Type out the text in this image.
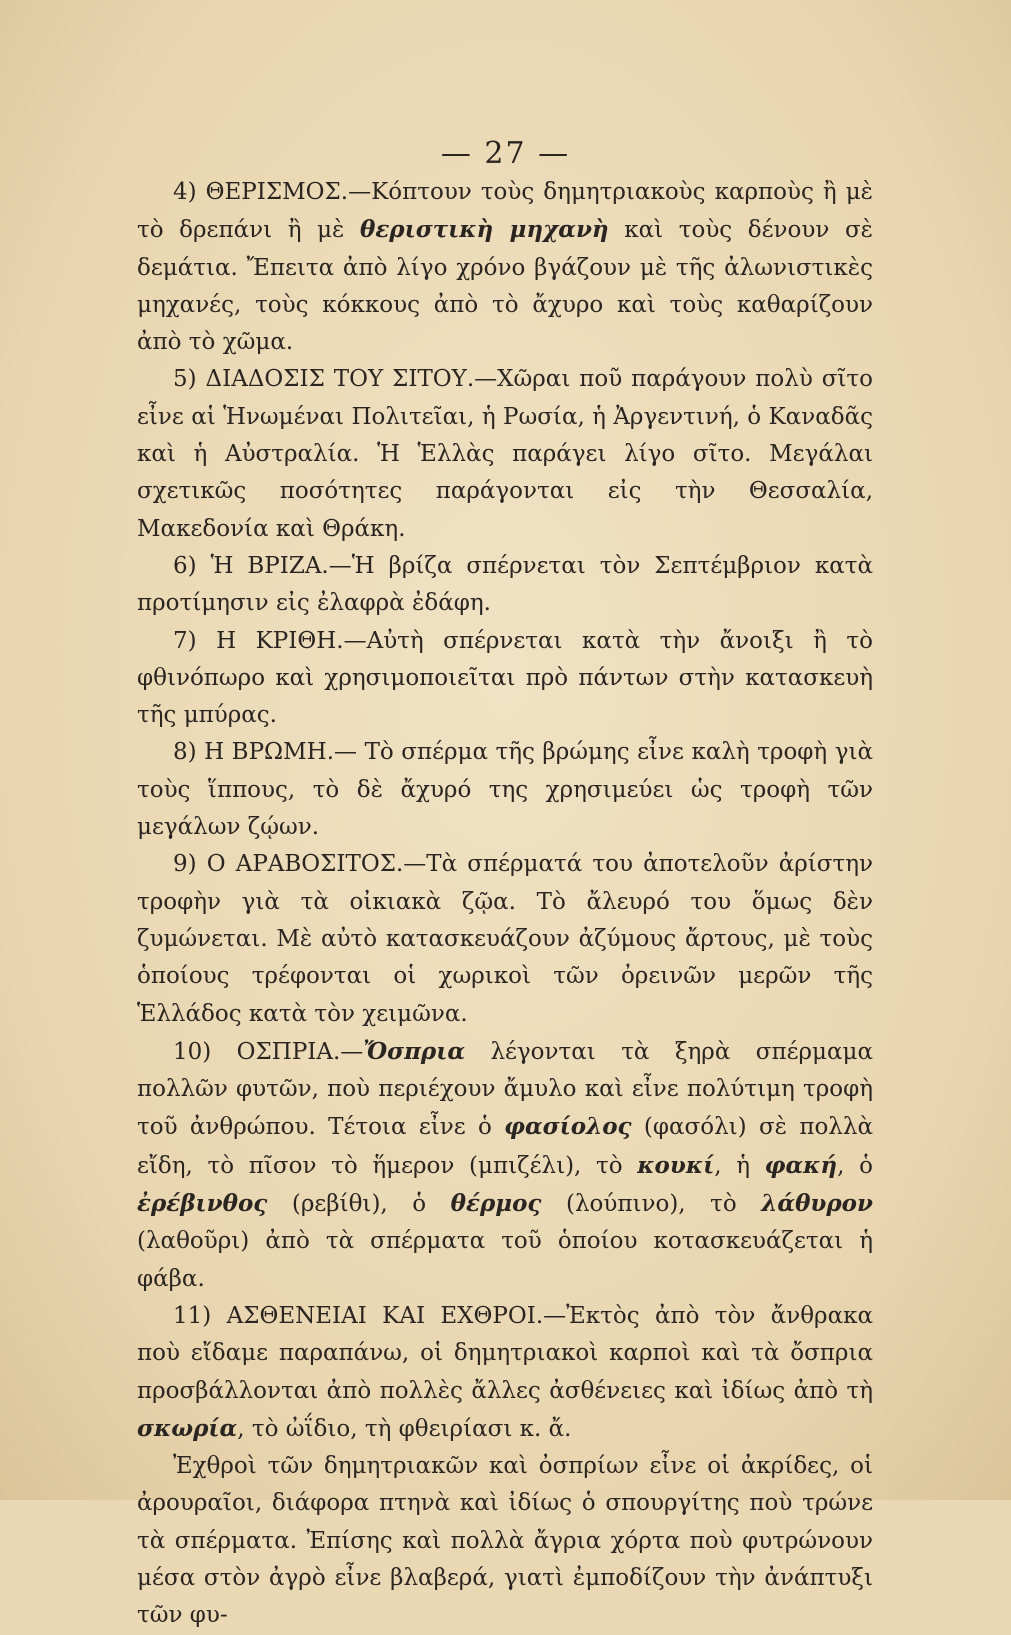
— 27 —

4) ΘΕΡΙΣΜΟΣ.—Κόπτουν τοὺς δημητριακοὺς καρποὺς ἢ μὲ τὸ δρεπάνι ἢ μὲ θεριστικὴ μηχανὴ καὶ τοὺς δένουν σὲ δεμάτια. Ἔπειτα ἀπὸ λίγο χρόνο βγάζουν μὲ τῆς ἀλωνιστικὲς μηχανές, τοὺς κόκκους ἀπὸ τὸ ἄχυρο καὶ τοὺς καθαρίζουν ἀπὸ τὸ χῶμα.

5) ΔΙΑΔΟΣΙΣ ΤΟΥ ΣΙΤΟΥ.—Χῶραι ποῦ παράγουν πολὺ σῖτο εἶνε αἱ Ἡνωμέναι Πολιτεῖαι, ἡ Ρωσία, ἡ Ἀργεντινή, ὁ Καναδᾶς καὶ ἡ Αὐστραλία. Ἡ Ἑλλὰς παράγει λίγο σῖτο. Μεγάλαι σχετικῶς ποσότητες παράγονται εἰς τὴν Θεσσαλία, Μακεδονία καὶ Θράκη.

6) Ἡ ΒΡΙΖΑ.—Ἡ βρίζα σπέρνεται τὸν Σεπτέμβριον κατὰ προτίμησιν εἰς ἐλαφρὰ ἐδάφη.

7) Η ΚΡΙΘΗ.—Αὐτὴ σπέρνεται κατὰ τὴν ἄνοιξι ἢ τὸ φθινόπωρο καὶ χρησιμοποιεῖται πρὸ πάντων στὴν κατασκευὴ τῆς μπύρας.

8) Η ΒΡΩΜΗ.— Τὸ σπέρμα τῆς βρώμης εἶνε καλὴ τροφὴ γιὰ τοὺς ἵππους, τὸ δὲ ἄχυρό της χρησιμεύει ὡς τροφὴ τῶν μεγάλων ζῴων.

9) Ο ΑΡΑΒΟΣΙΤΟΣ.—Τὰ σπέρματά του ἀποτελοῦν ἀρίστην τροφὴν γιὰ τὰ οἰκιακὰ ζῷα. Τὸ ἄλευρό του ὅμως δὲν ζυμώνεται. Μὲ αὐτὸ κατασκευάζουν ἀζύμους ἄρτους, μὲ τοὺς ὁποίους τρέφονται οἱ χωρικοὶ τῶν ὀρεινῶν μερῶν τῆς Ἑλλάδος κατὰ τὸν χειμῶνα.

10) ΟΣΠΡΙΑ.—Ὄσπρια λέγονται τὰ ξηρὰ σπέρμαμα πολλῶν φυτῶν, ποὺ περιέχουν ἄμυλο καὶ εἶνε πολύτιμη τροφὴ τοῦ ἀνθρώπου. Τέτοια εἶνε ὁ φασίολος (φασόλι) σὲ πολλὰ εἴδη, τὸ πῖσον τὸ ἥμερον (μπιζέλι), τὸ κουκί, ἡ φακή, ὁ ἐρέβινθος (ρεβίθι), ὁ θέρμος (λούπινο), τὸ λάθυρον (λαθοῦρι) ἀπὸ τὰ σπέρματα τοῦ ὁποίου κοτασκευάζεται ἡ φάβα.

11) ΑΣΘΕΝΕΙΑΙ ΚΑΙ ΕΧΘΡΟΙ.—Ἐκτὸς ἀπὸ τὸν ἄνθρακα ποὺ εἴδαμε παραπάνω, οἱ δημητριακοὶ καρποὶ καὶ τὰ ὄσπρια προσβάλλονται ἀπὸ πολλὲς ἄλλες ἀσθένειες καὶ ἰδίως ἀπὸ τὴ σκωρία, τὸ ὠΐδιο, τὴ φθειρίασι κ. ἄ.

Ἐχθροὶ τῶν δημητριακῶν καὶ ὀσπρίων εἶνε οἱ ἀκρίδες, οἱ ἀρουραῖοι, διάφορα πτηνὰ καὶ ἰδίως ὁ σπουργίτης ποὺ τρώνε τὰ σπέρματα. Ἐπίσης καὶ πολλὰ ἄγρια χόρτα ποὺ φυτρώνουν μέσα στὸν ἀγρὸ εἶνε βλαβερά, γιατὶ ἐμποδίζουν τὴν ἀνάπτυξι τῶν φυ-
